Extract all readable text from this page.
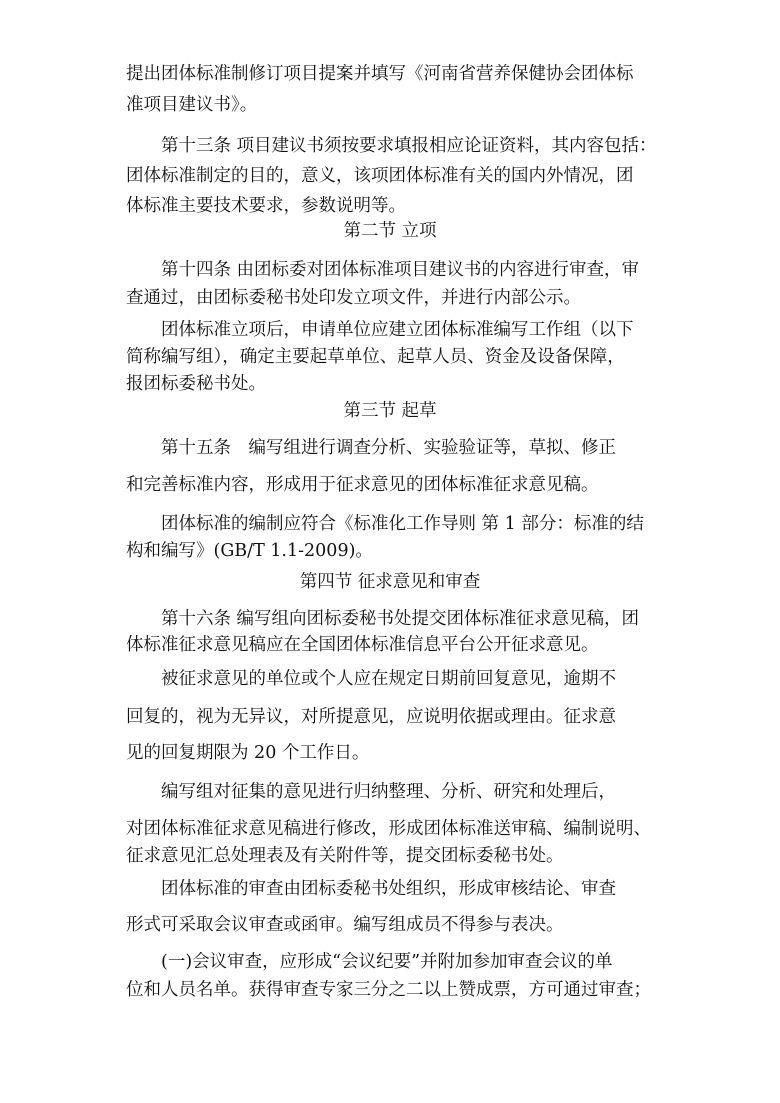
提出团体标准制修订项目提案并填写《河南省营养保健协会团体标
准项目建议书》。
第十三条 项目建议书须按要求填报相应论证资料，其内容包括：
团体标准制定的目的，意义，该项团体标准有关的国内外情况，团
体标准主要技术要求，参数说明等。
第二节 立项
第十四条 由团标委对团体标准项目建议书的内容进行审查，审
查通过，由团标委秘书处印发立项文件，并进行内部公示。
团体标准立项后，申请单位应建立团体标准编写工作组（以下
简称编写组），确定主要起草单位、起草人员、资金及设备保障，
报团标委秘书处。
第三节 起草
第十五条　编写组进行调查分析、实验验证等，草拟、修正
和完善标准内容，形成用于征求意见的团体标准征求意见稿。
团体标准的编制应符合《标准化工作导则 第 1 部分：标准的结
构和编写》(GB/T 1.1-2009)。
第四节 征求意见和审查
第十六条 编写组向团标委秘书处提交团体标准征求意见稿，团
体标准征求意见稿应在全国团体标准信息平台公开征求意见。
被征求意见的单位或个人应在规定日期前回复意见，逾期不
回复的，视为无异议，对所提意见，应说明依据或理由。征求意
见的回复期限为 20 个工作日。
编写组对征集的意见进行归纳整理、分析、研究和处理后，
对团体标准征求意见稿进行修改，形成团体标准送审稿、编制说明、
征求意见汇总处理表及有关附件等，提交团标委秘书处。
团体标准的审查由团标委秘书处组织，形成审核结论、审查
形式可采取会议审查或函审。编写组成员不得参与表决。
(一)会议审查，应形成“会议纪要”并附加参加审查会议的单
位和人员名单。获得审查专家三分之二以上赞成票，方可通过审查；
